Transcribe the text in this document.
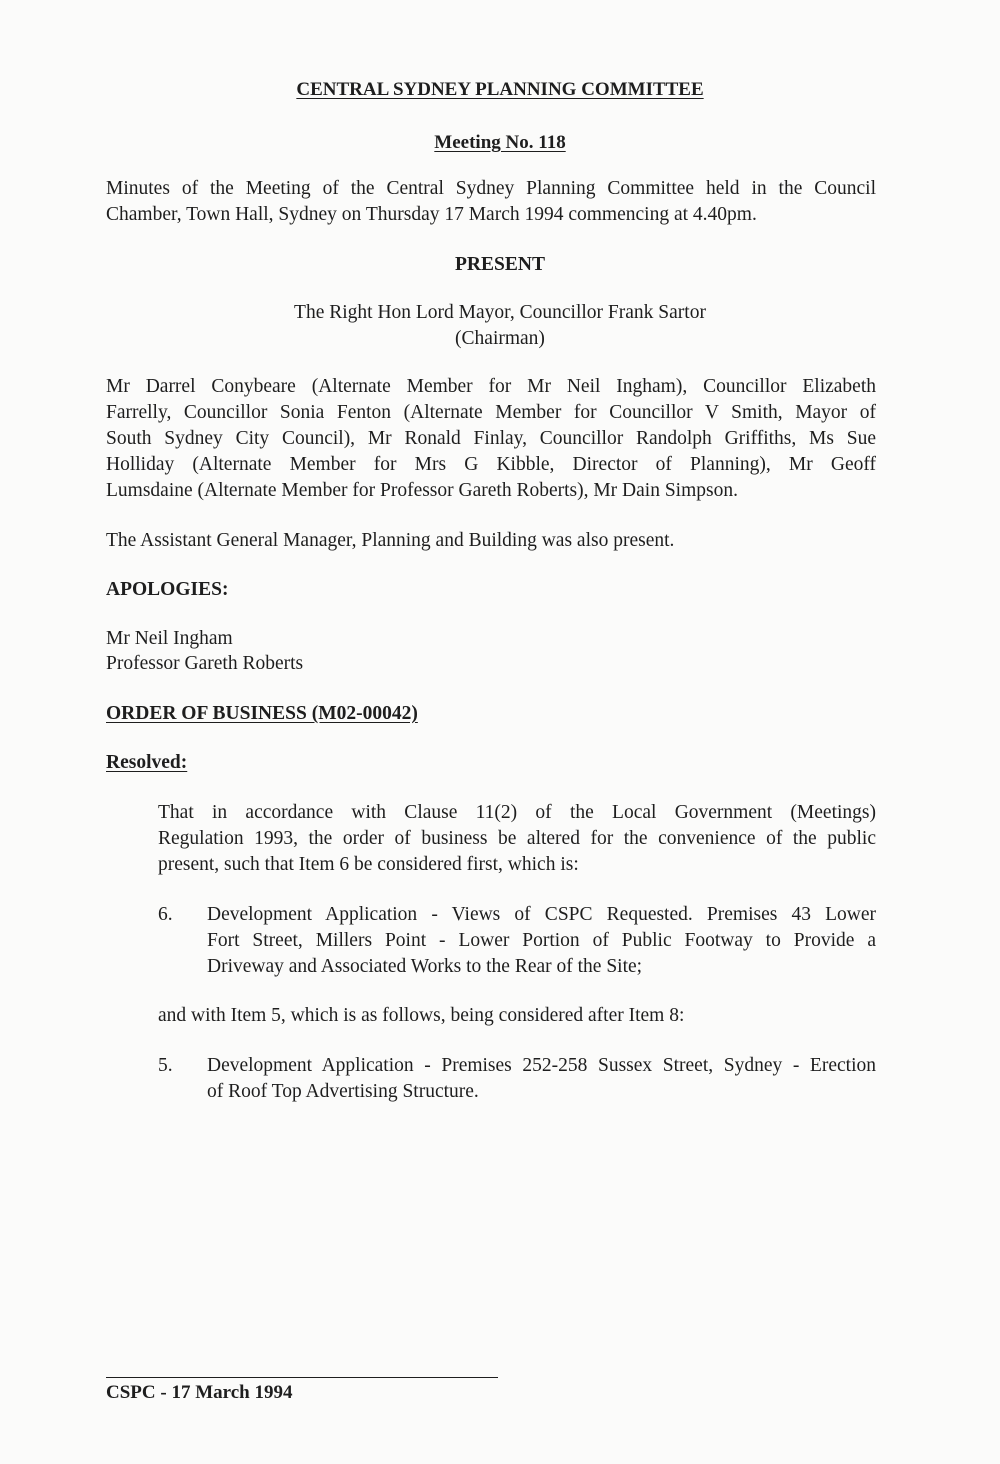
CENTRAL SYDNEY PLANNING COMMITTEE

Meeting No. 118

Minutes of the Meeting of the Central Sydney Planning Committee held in the Council

Chamber, Town Hall, Sydney on Thursday 17 March 1994 commencing at 4.40pm.

PRESENT

The Right Hon Lord Mayor, Councillor Frank Sartor

(Chairman)

Mr Darrel Conybeare (Alternate Member for Mr Neil Ingham), Councillor Elizabeth

Farrelly, Councillor Sonia Fenton (Alternate Member for Councillor V Smith, Mayor of

South Sydney City Council), Mr Ronald Finlay, Councillor Randolph Griffiths, Ms Sue

Holliday (Alternate Member for Mrs G Kibble, Director of Planning), Mr Geoff

Lumsdaine (Alternate Member for Professor Gareth Roberts), Mr Dain Simpson.

The Assistant General Manager, Planning and Building was also present.

APOLOGIES:

Mr Neil Ingham

Professor Gareth Roberts

ORDER OF BUSINESS (M02-00042)

Resolved:

That in accordance with Clause 11(2) of the Local Government (Meetings)

Regulation 1993, the order of business be altered for the convenience of the public

present, such that Item 6 be considered first, which is:

6. Development Application - Views of CSPC Requested. Premises 43 Lower

Fort Street, Millers Point - Lower Portion of Public Footway to Provide a

Driveway and Associated Works to the Rear of the Site;

and with Item 5, which is as follows, being considered after Item 8:

5. Development Application - Premises 252-258 Sussex Street, Sydney - Erection

of Roof Top Advertising Structure.

CSPC - 17 March 1994
